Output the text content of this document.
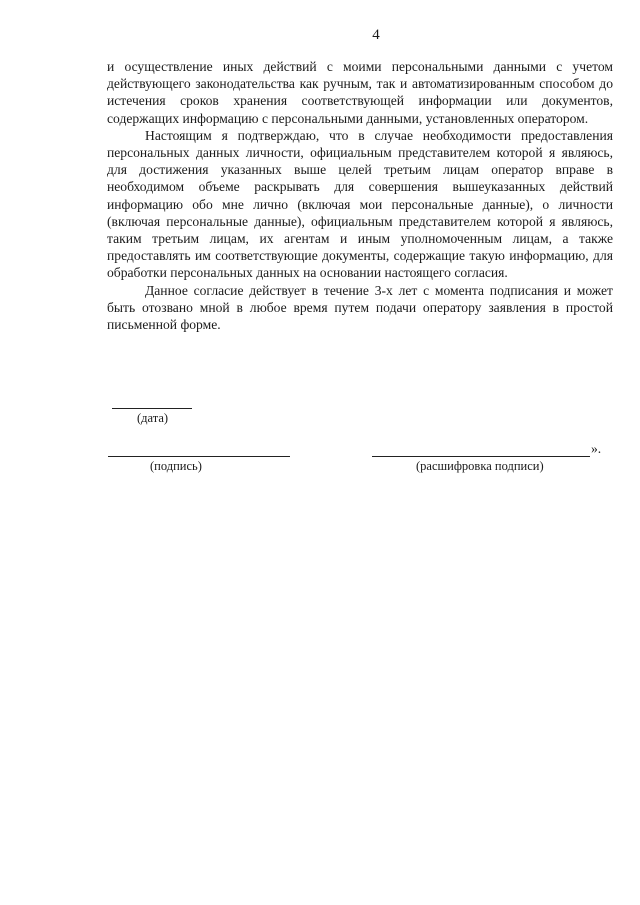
4

и осуществление иных действий с моими персональными данными с учетом действующего законодательства как ручным, так и автоматизированным способом до истечения сроков хранения соответствующей информации или документов, содержащих информацию с персональными данными, установленных оператором.

Настоящим я подтверждаю, что в случае необходимости предоставления персональных данных личности, официальным представителем которой я являюсь, для достижения указанных выше целей третьим лицам оператор вправе в необходимом объеме раскрывать для совершения вышеуказанных действий информацию обо мне лично (включая мои персональные данные), о личности (включая персональные данные), официальным представителем которой я являюсь, таким третьим лицам, их агентам и иным уполномоченным лицам, а также предоставлять им соответствующие документы, содержащие такую информацию, для обработки персональных данных на основании настоящего согласия.

Данное согласие действует в течение 3-х лет с момента подписания и может быть отозвано мной в любое время путем подачи оператору заявления в простой письменной форме.

(дата)
(подпись)
».
(расшифровка подписи)
